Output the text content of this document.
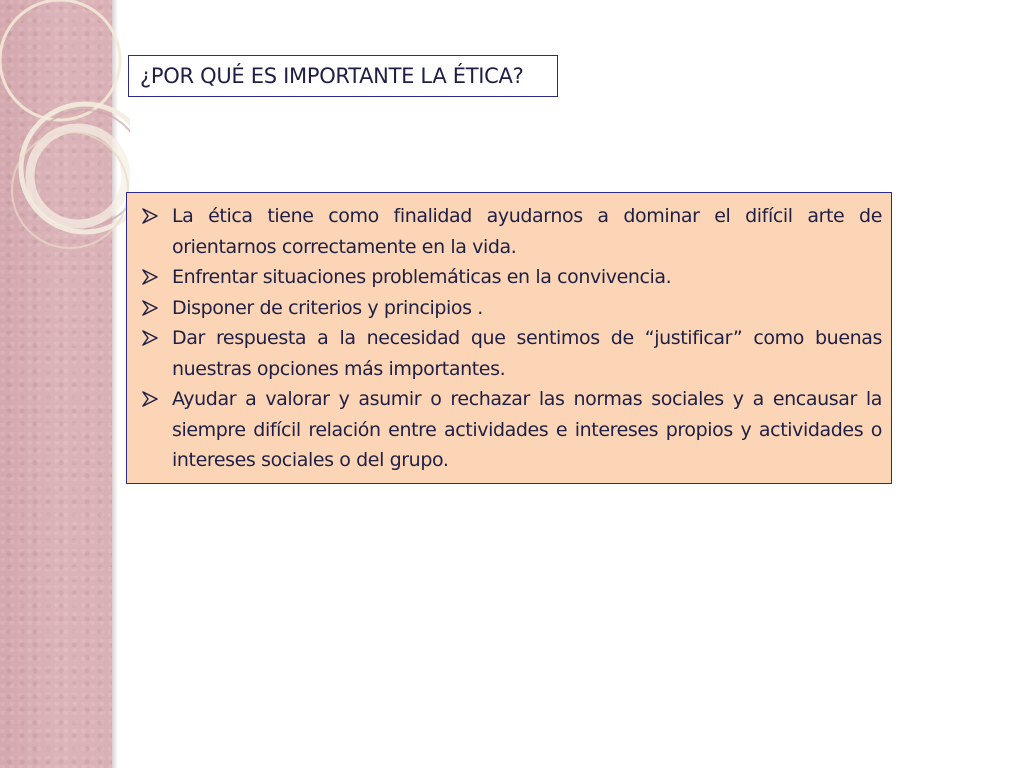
¿POR QUÉ ES IMPORTANTE LA ÉTICA?
La ética tiene como finalidad ayudarnos a dominar el difícil arte de orientarnos correctamente en la vida.
Enfrentar situaciones problemáticas en la convivencia.
Disponer de criterios y principios .
Dar respuesta a la necesidad que sentimos de “justificar” como buenas nuestras opciones más importantes.
Ayudar a valorar y asumir o rechazar las normas sociales y a encausar la siempre difícil relación entre actividades e intereses propios y actividades o intereses sociales o del grupo.
